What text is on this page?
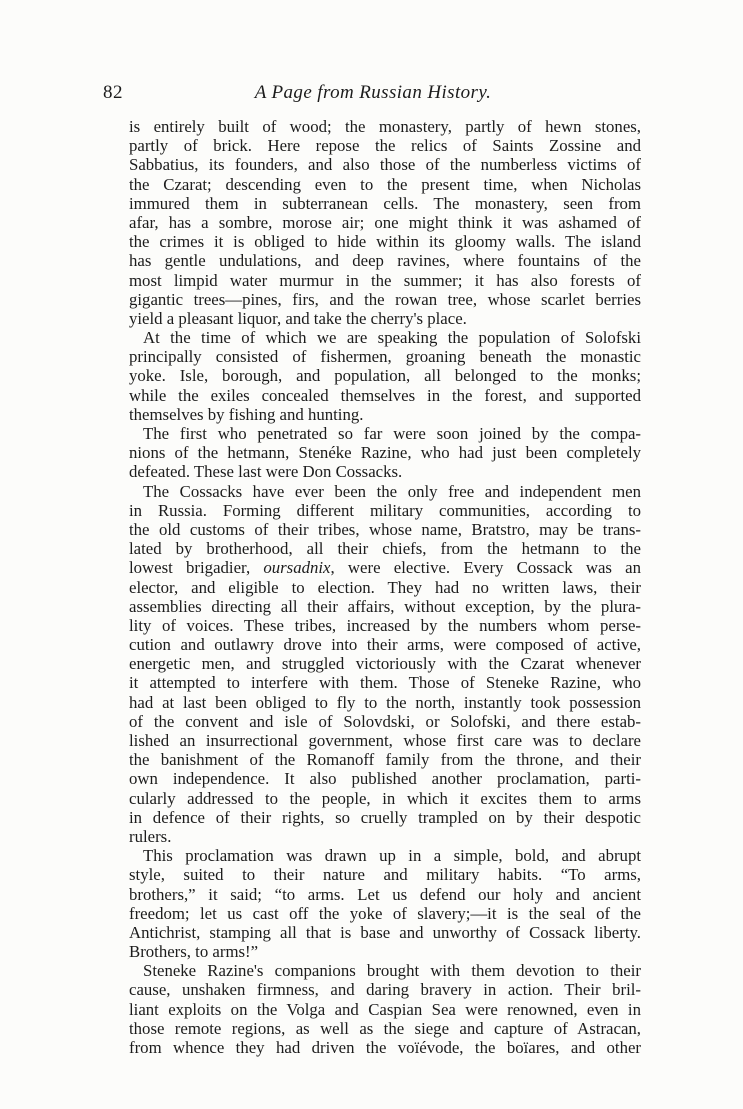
82	A Page from Russian History.
is entirely built of wood; the monastery, partly of hewn stones,
partly of brick. Here repose the relics of Saints Zossine and
Sabbatius, its founders, and also those of the numberless victims of
the Czarat; descending even to the present time, when Nicholas
immured them in subterranean cells. The monastery, seen from
afar, has a sombre, morose air; one might think it was ashamed of
the crimes it is obliged to hide within its gloomy walls. The island
has gentle undulations, and deep ravines, where fountains of the
most limpid water murmur in the summer; it has also forests of
gigantic trees—pines, firs, and the rowan tree, whose scarlet berries
yield a pleasant liquor, and take the cherry's place.
At the time of which we are speaking the population of Solofski
principally consisted of fishermen, groaning beneath the monastic
yoke. Isle, borough, and population, all belonged to the monks;
while the exiles concealed themselves in the forest, and supported
themselves by fishing and hunting.
The first who penetrated so far were soon joined by the compa-
nions of the hetmann, Stenéke Razine, who had just been completely
defeated. These last were Don Cossacks.
The Cossacks have ever been the only free and independent men
in Russia. Forming different military communities, according to
the old customs of their tribes, whose name, Bratstro, may be trans-
lated by brotherhood, all their chiefs, from the hetmann to the
lowest brigadier, oursadnix, were elective. Every Cossack was an
elector, and eligible to election. They had no written laws, their
assemblies directing all their affairs, without exception, by the plura-
lity of voices. These tribes, increased by the numbers whom perse-
cution and outlawry drove into their arms, were composed of active,
energetic men, and struggled victoriously with the Czarat whenever
it attempted to interfere with them. Those of Steneke Razine, who
had at last been obliged to fly to the north, instantly took possession
of the convent and isle of Solovdski, or Solofski, and there estab-
lished an insurrectional government, whose first care was to declare
the banishment of the Romanoff family from the throne, and their
own independence. It also published another proclamation, parti-
cularly addressed to the people, in which it excites them to arms
in defence of their rights, so cruelly trampled on by their despotic
rulers.
This proclamation was drawn up in a simple, bold, and abrupt
style, suited to their nature and military habits. “To arms,
brothers,” it said; “to arms. Let us defend our holy and ancient
freedom; let us cast off the yoke of slavery;—it is the seal of the
Antichrist, stamping all that is base and unworthy of Cossack liberty.
Brothers, to arms!”
Steneke Razine's companions brought with them devotion to their
cause, unshaken firmness, and daring bravery in action. Their bril-
liant exploits on the Volga and Caspian Sea were renowned, even in
those remote regions, as well as the siege and capture of Astracan,
from whence they had driven the voïévode, the boïares, and other
